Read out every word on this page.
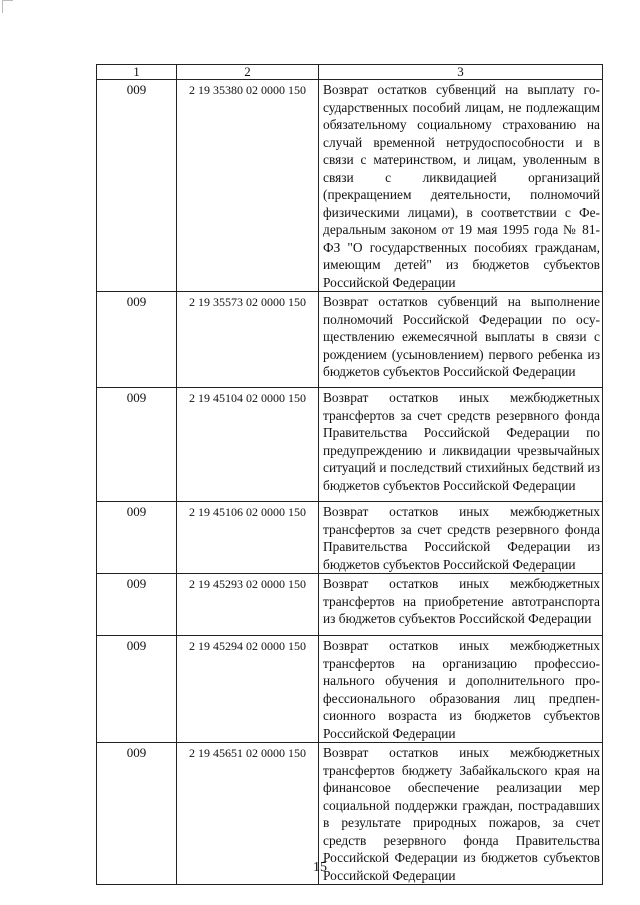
1	2	3
009	2 19 35380 02 0000 150	Возврат остатков субвенций на выплату государственных пособий лицам, не подлежащим обязательному социальному страхованию на случай временной нетрудоспособности и в связи с материнством, и лицам, уволенным в связи с ликвидацией организаций (прекращением деятельности, полномочий физическими лицами), в соответствии с Федеральным законом от 19 мая 1995 года № 81-ФЗ "О государственных пособиях гражданам, имеющим детей" из бюджетов субъектов Российской Федерации
009	2 19 35573 02 0000 150	Возврат остатков субвенций на выполнение полномочий Российской Федерации по осуществлению ежемесячной выплаты в связи с рождением (усыновлением) первого ребенка из бюджетов субъектов Российской Федерации
009	2 19 45104 02 0000 150	Возврат остатков иных межбюджетных трансфертов за счет средств резервного фонда Правительства Российской Федерации по предупреждению и ликвидации чрезвычайных ситуаций и последствий стихийных бедствий из бюджетов субъектов Российской Федерации
009	2 19 45106 02 0000 150	Возврат остатков иных межбюджетных трансфертов за счет средств резервного фонда Правительства Российской Федерации из бюджетов субъектов Российской Федерации
009	2 19 45293 02 0000 150	Возврат остатков иных межбюджетных трансфертов на приобретение автотранспорта из бюджетов субъектов Российской Федерации
009	2 19 45294 02 0000 150	Возврат остатков иных межбюджетных трансфертов на организацию профессионального обучения и дополнительного профессионального образования лиц предпенсионного возраста из бюджетов субъектов Российской Федерации
009	2 19 45651 02 0000 150	Возврат остатков иных межбюджетных трансфертов бюджету Забайкальского края на финансовое обеспечение реализации мер социальной поддержки граждан, пострадавших в результате природных пожаров, за счет средств резервного фонда Правительства Российской Федерации из бюджетов субъектов Российской Федерации
15
